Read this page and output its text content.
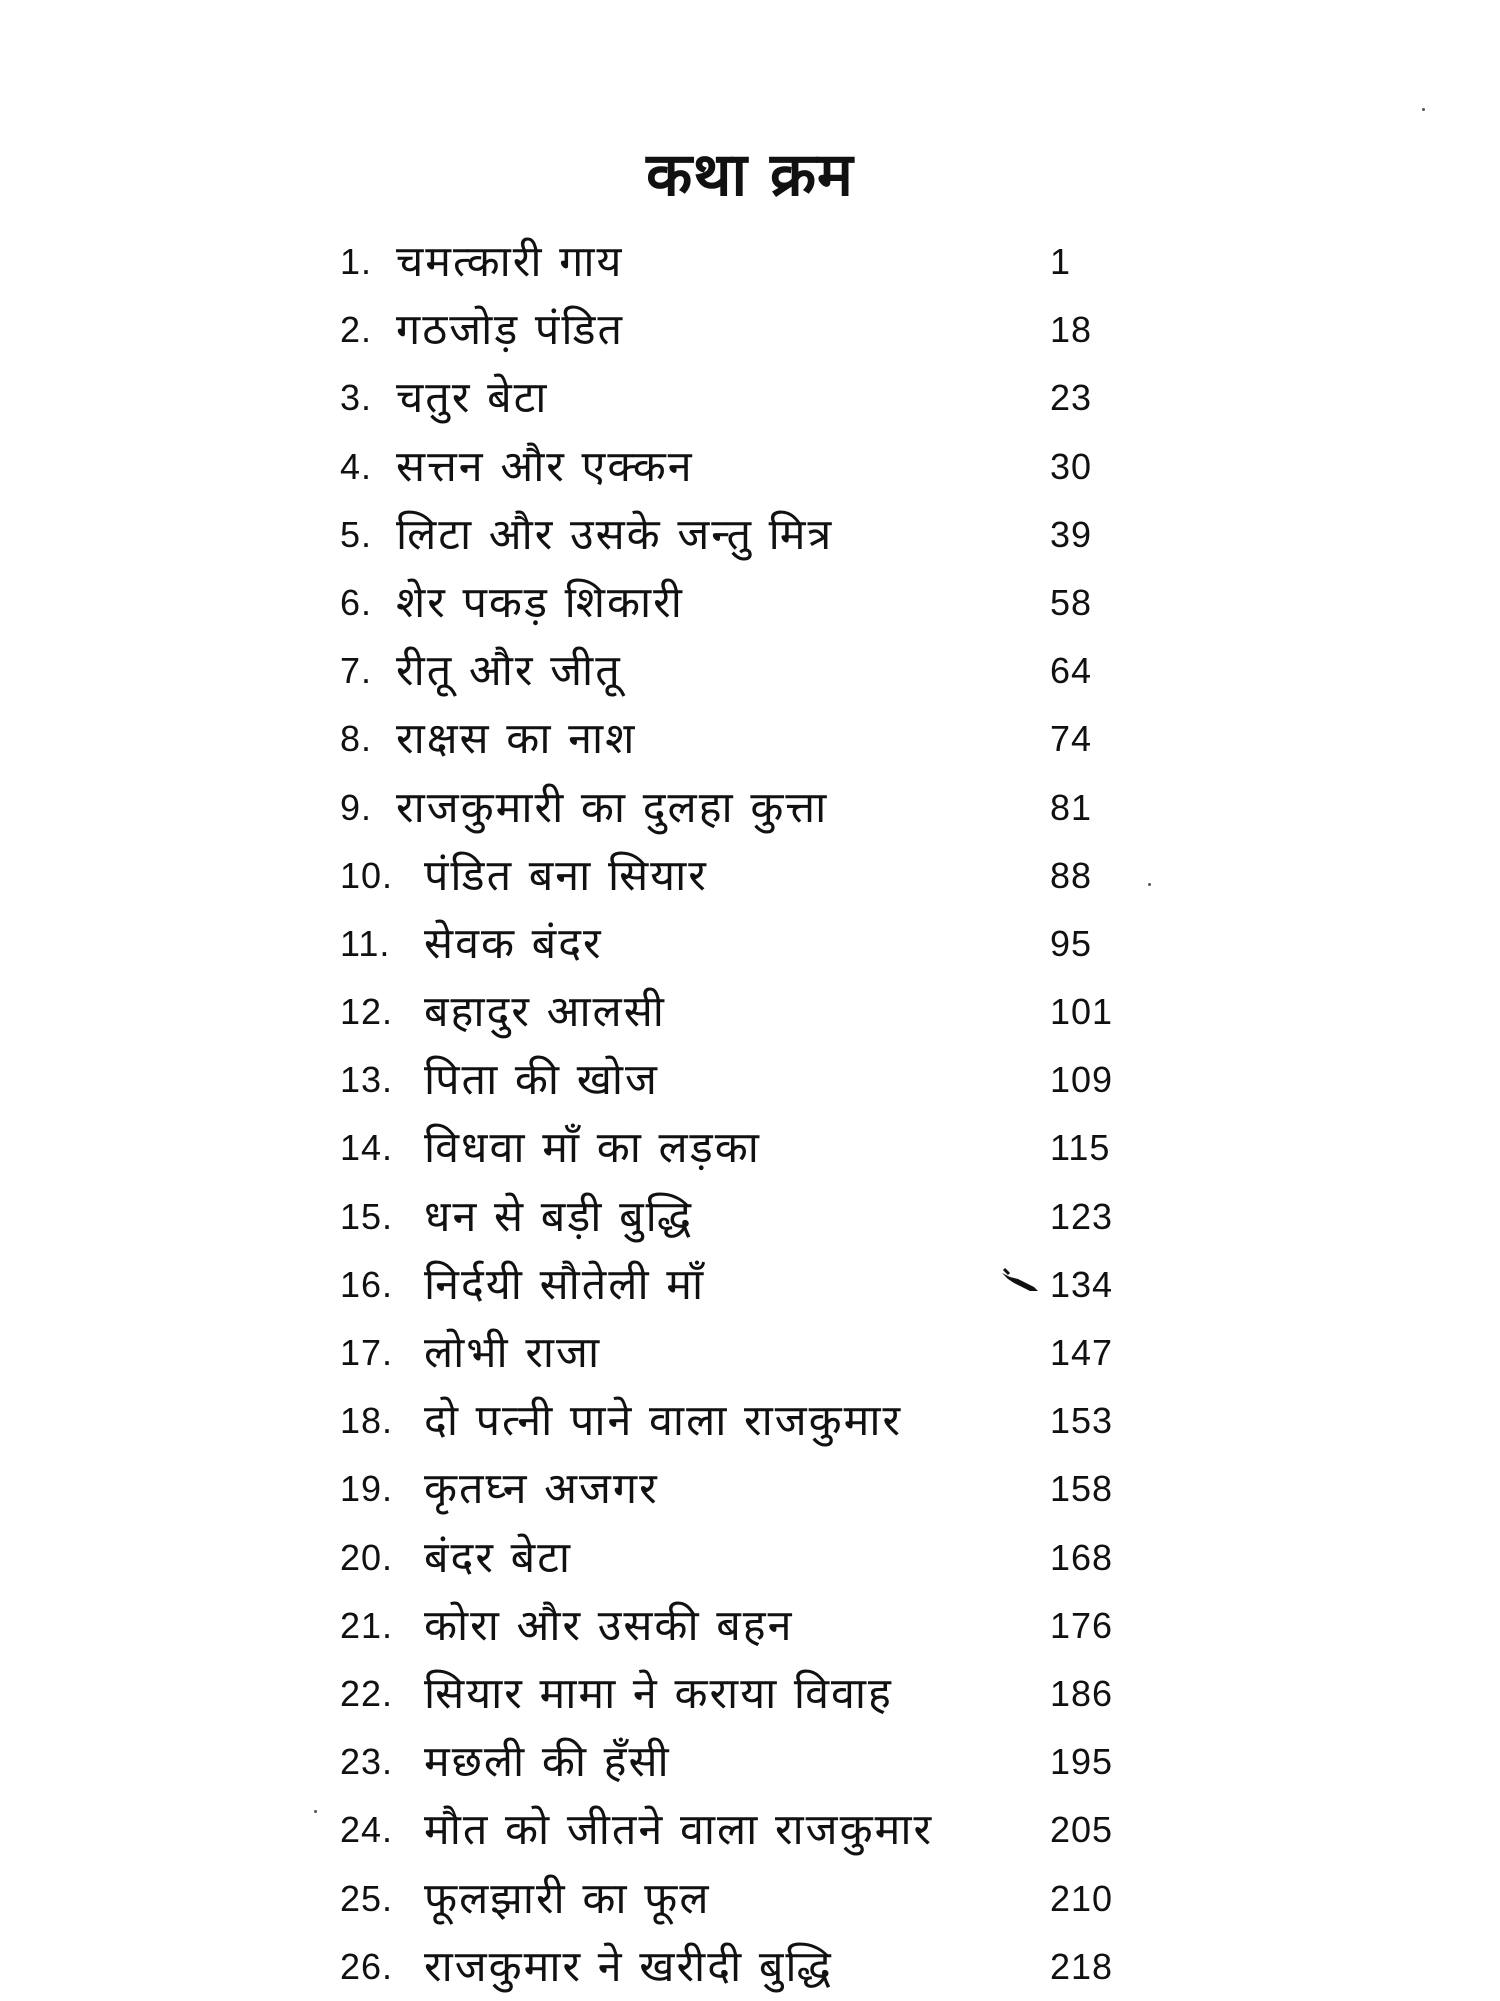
कथा क्रम
1. चमत्कारी गाय	1
2. गठजोड़ पंडित	18
3. चतुर बेटा	23
4. सत्तन और एक्कन	30
5. लिटा और उसके जन्तु मित्र	39
6. शेर पकड़ शिकारी	58
7. रीतू और जीतू	64
8. राक्षस का नाश	74
9. राजकुमारी का दुलहा कुत्ता	81
10. पंडित बना सियार	88
11. सेवक बंदर	95
12. बहादुर आलसी	101
13. पिता की खोज	109
14. विधवा माँ का लड़का	115
15. धन से बड़ी बुद्धि	123
16. निर्दयी सौतेली माँ	134
17. लोभी राजा	147
18. दो पत्नी पाने वाला राजकुमार	153
19. कृतघ्न अजगर	158
20. बंदर बेटा	168
21. कोरा और उसकी बहन	176
22. सियार मामा ने कराया विवाह	186
23. मछली की हँसी	195
24. मौत को जीतने वाला राजकुमार	205
25. फूलझारी का फूल	210
26. राजकुमार ने खरीदी बुद्धि	218
